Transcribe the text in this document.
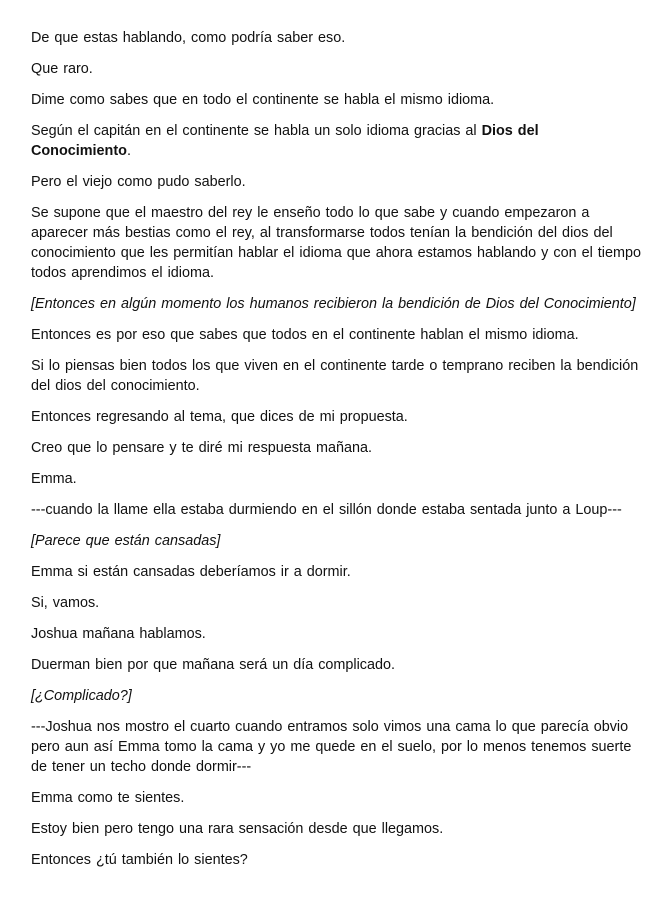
De que estas hablando, como podría saber eso.

Que raro.

Dime como sabes que en todo el continente se habla el mismo idioma.

Según el capitán en el continente se habla un solo idioma gracias al Dios del Conocimiento.

Pero el viejo como pudo saberlo.

Se supone que el maestro del rey le enseño todo lo que sabe y cuando empezaron a aparecer más bestias como el rey, al transformarse todos tenían la bendición del dios del conocimiento que les permitían hablar el idioma que ahora estamos hablando y con el tiempo todos aprendimos el idioma.

[Entonces en algún momento los humanos recibieron la bendición de Dios del Conocimiento]

Entonces es por eso que sabes que todos en el continente hablan el mismo idioma.

Si lo piensas bien todos los que viven en el continente tarde o temprano reciben la bendición del dios del conocimiento.

Entonces regresando al tema, que dices de mi propuesta.

Creo que lo pensare y te diré mi respuesta mañana.

Emma.

---cuando la llame ella estaba durmiendo en el sillón donde estaba sentada junto a Loup---

[Parece que están cansadas]

Emma si están cansadas deberíamos ir a dormir.

Si, vamos.

Joshua mañana hablamos.

Duerman bien por que mañana será un día complicado.

[¿Complicado?]

---Joshua nos mostro el cuarto cuando entramos solo vimos una cama lo que parecía obvio pero aun así Emma tomo la cama y yo me quede en el suelo, por lo menos tenemos suerte de tener un techo donde dormir---

Emma como te sientes.

Estoy bien pero tengo una rara sensación desde que llegamos.

Entonces ¿tú también lo sientes?
